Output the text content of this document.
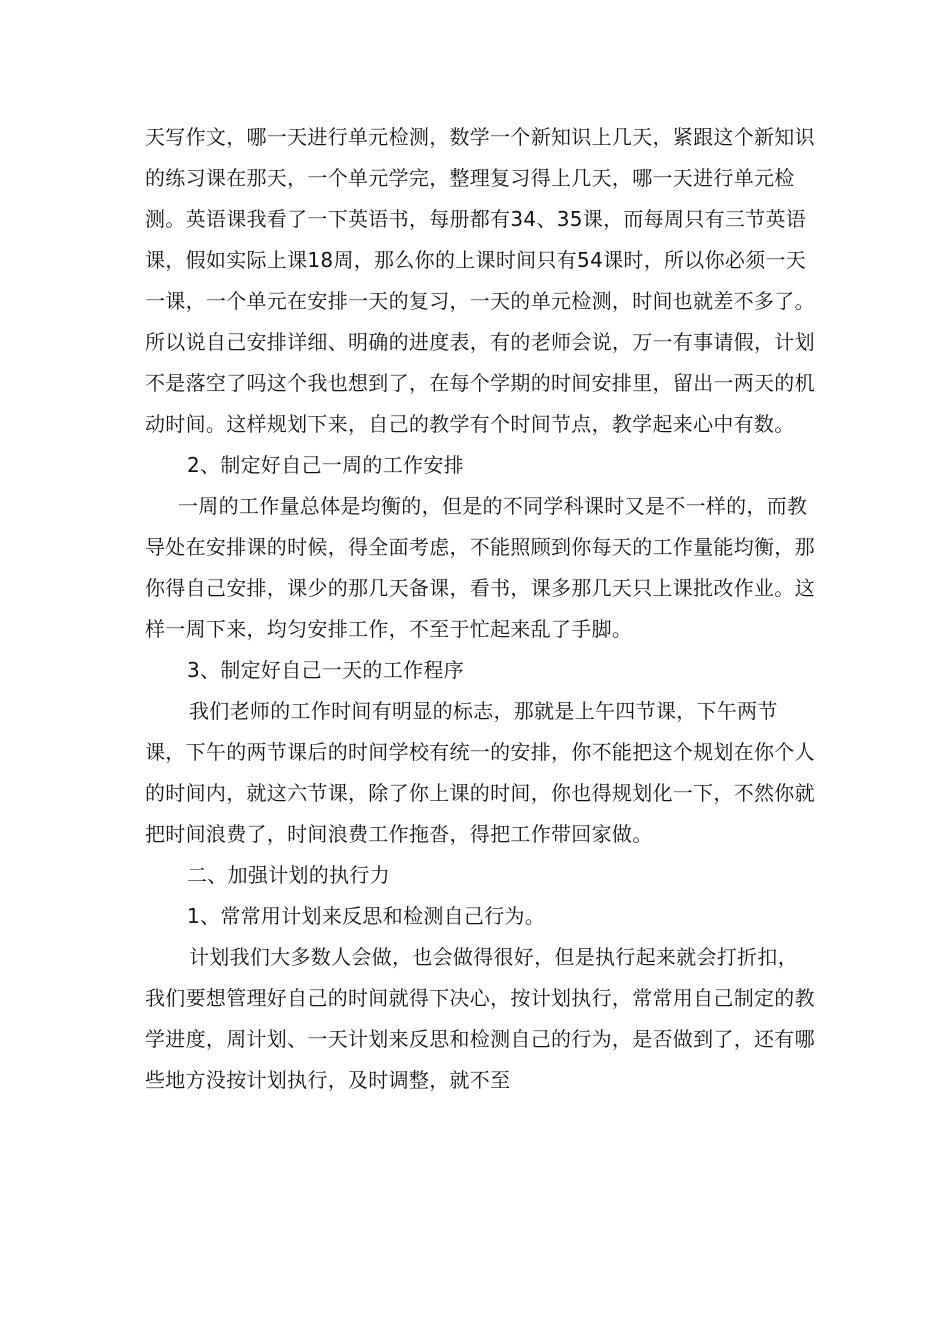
天写作文，哪一天进行单元检测，数学一个新知识上几天，紧跟这个新知识的练习课在那天，一个单元学完，整理复习得上几天，哪一天进行单元检测。英语课我看了一下英语书，每册都有34、35课，而每周只有三节英语课，假如实际上课18周，那么你的上课时间只有54课时，所以你必须一天一课，一个单元在安排一天的复习，一天的单元检测，时间也就差不多了。所以说自己安排详细、明确的进度表，有的老师会说，万一有事请假，计划不是落空了吗这个我也想到了，在每个学期的时间安排里，留出一两天的机动时间。这样规划下来，自己的教学有个时间节点，教学起来心中有数。

2、制定好自己一周的工作安排

一周的工作量总体是均衡的，但是的不同学科课时又是不一样的，而教导处在安排课的时候，得全面考虑，不能照顾到你每天的工作量能均衡，那你得自己安排，课少的那几天备课，看书，课多那几天只上课批改作业。这样一周下来，均匀安排工作，不至于忙起来乱了手脚。

3、制定好自己一天的工作程序

我们老师的工作时间有明显的标志，那就是上午四节课，下午两节课，下午的两节课后的时间学校有统一的安排，你不能把这个规划在你个人的时间内，就这六节课，除了你上课的时间，你也得规划化一下，不然你就把时间浪费了，时间浪费工作拖沓，得把工作带回家做。

二、加强计划的执行力

1、常常用计划来反思和检测自己行为。

计划我们大多数人会做，也会做得很好，但是执行起来就会打折扣，我们要想管理好自己的时间就得下决心，按计划执行，常常用自己制定的教学进度，周计划、一天计划来反思和检测自己的行为，是否做到了，还有哪些地方没按计划执行，及时调整，就不至
